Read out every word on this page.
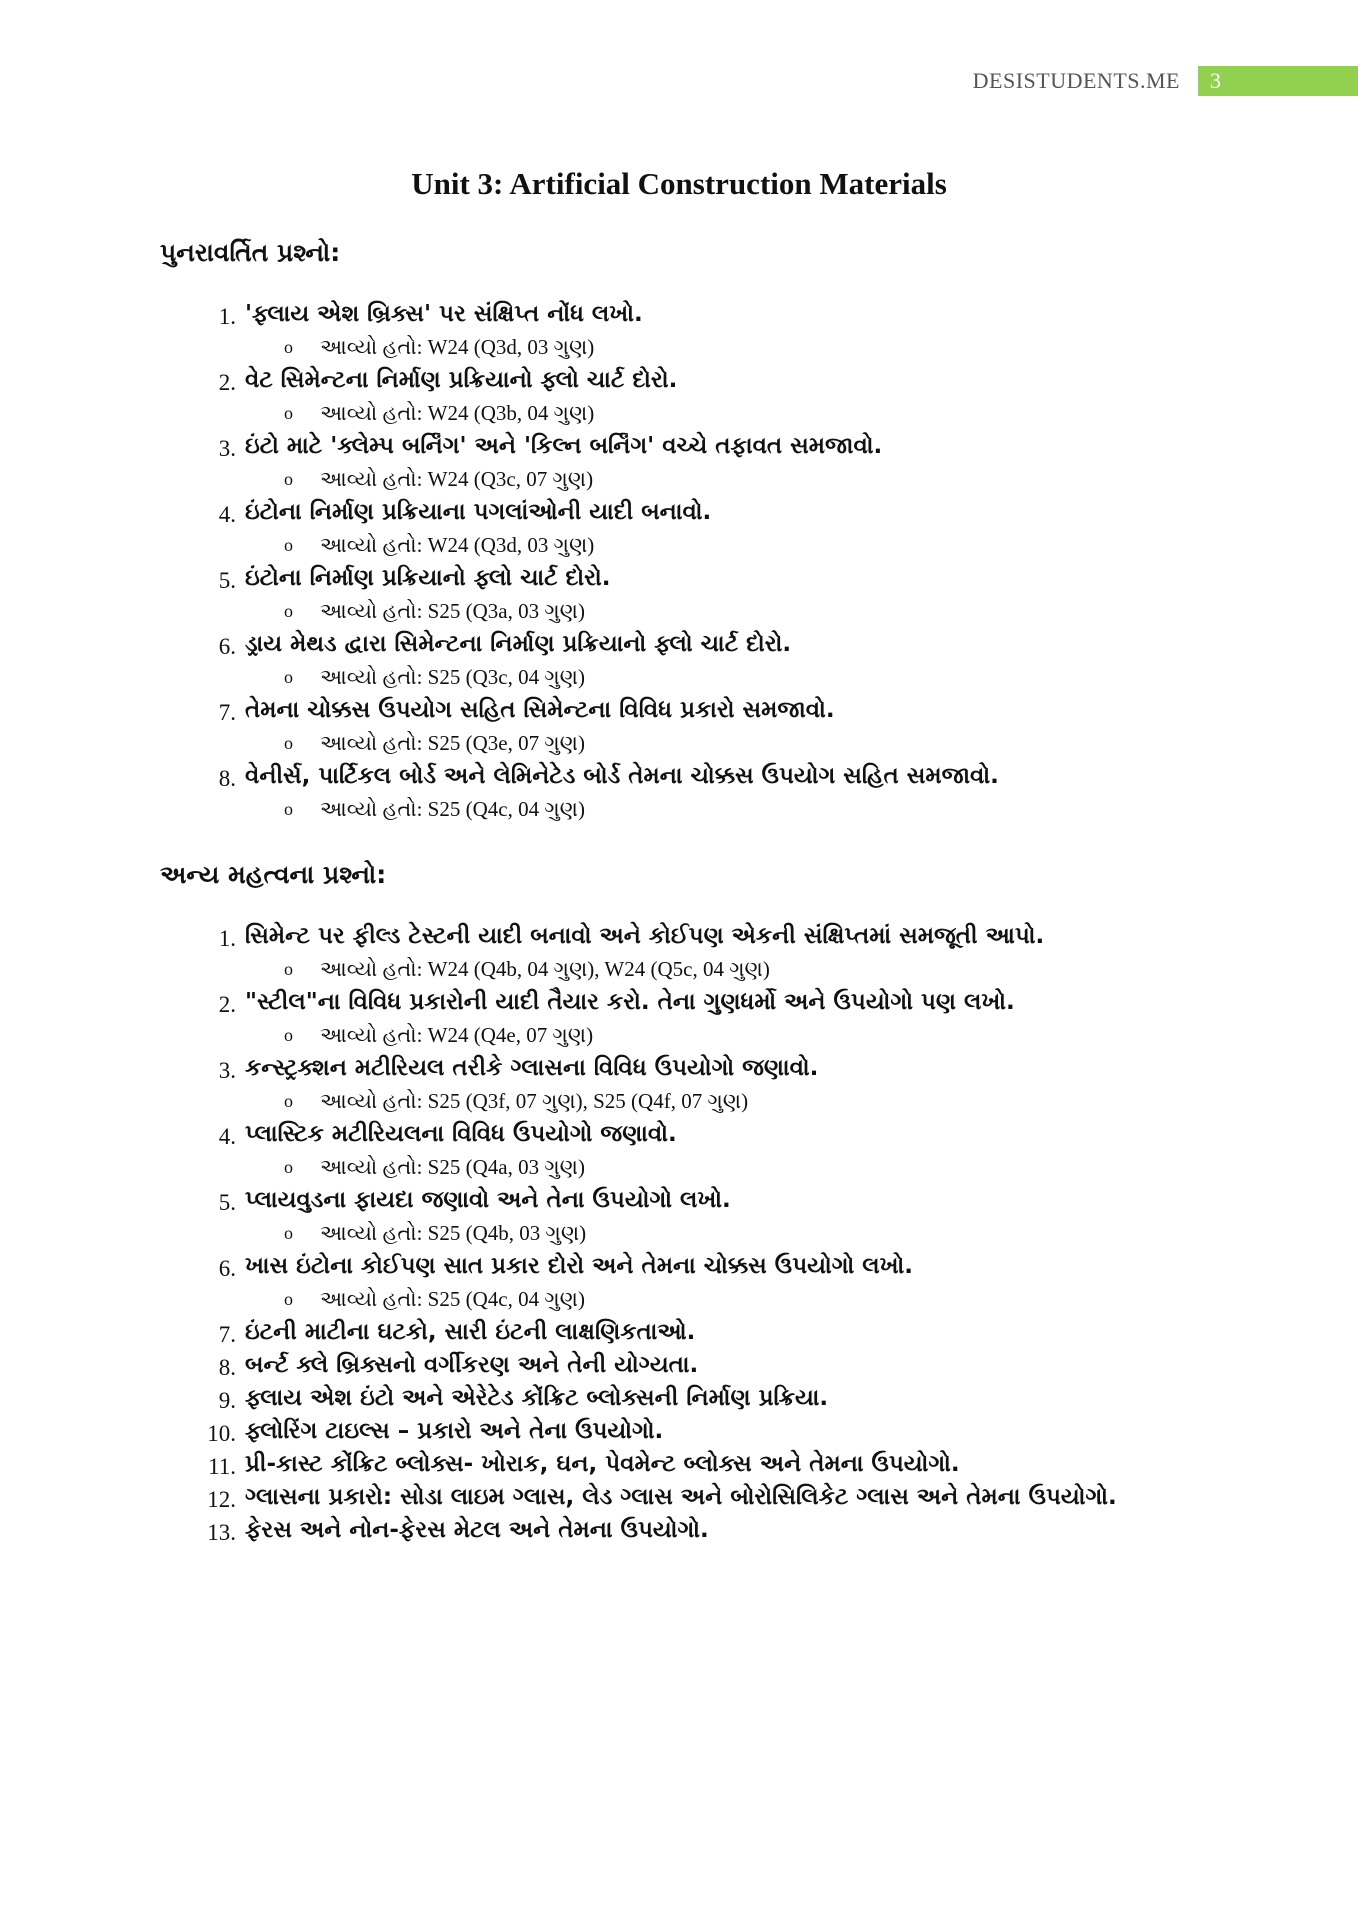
DESISTUDENTS.ME	3
Unit 3: Artificial Construction Materials
પુનરાવર્તિત પ્રશ્નો:
1. 'ફ્લાય એશ બ્રિક્સ' પર સંક્ષિપ્ત નોંધ લખો.
o આવ્યો હતો: W24 (Q3d, 03 ગુણ)
2. વેટ સિમેન્ટના નિર્માણ પ્રક્રિયાનો ફ્લો ચાર્ટ દોરો.
o આવ્યો હતો: W24 (Q3b, 04 ગુણ)
3. ઇંટો માટે 'ક્લેમ્પ બર્નિંગ' અને 'કિલ્ન બર્નિંગ' વચ્ચે તફાવત સમજાવો.
o આવ્યો હતો: W24 (Q3c, 07 ગુણ)
4. ઇંટોના નિર્માણ પ્રક્રિયાના પગલાંઓની યાદી બનાવો.
o આવ્યો હતો: W24 (Q3d, 03 ગુણ)
5. ઇંટોના નિર્માણ પ્રક્રિયાનો ફ્લો ચાર્ટ દોરો.
o આવ્યો હતો: S25 (Q3a, 03 ગુણ)
6. ડ્રાય મેથડ દ્વારા સિમેન્ટના નિર્માણ પ્રક્રિયાનો ફ્લો ચાર્ટ દોરો.
o આવ્યો હતો: S25 (Q3c, 04 ગુણ)
7. તેમના ચોક્કસ ઉપયોગ સહિત સિમેન્ટના વિવિધ પ્રકારો સમજાવો.
o આવ્યો હતો: S25 (Q3e, 07 ગુણ)
8. વેનીર્સ, પાર્ટિકલ બોર્ડ અને લેમિનેટેડ બોર્ડ તેમના ચોક્કસ ઉપયોગ સહિત સમજાવો.
o આવ્યો હતો: S25 (Q4c, 04 ગુણ)
અન્ય મહત્વના પ્રશ્નો:
1. સિમેન્ટ પર ફીલ્ડ ટેસ્ટની યાદી બનાવો અને કોઈપણ એકની સંક્ષિપ્તમાં સમજૂતી આપો.
o આવ્યો હતો: W24 (Q4b, 04 ગુણ), W24 (Q5c, 04 ગુણ)
2. "સ્ટીલ"ના વિવિધ પ્રકારોની યાદી તૈયાર કરો. તેના ગુણધર્મો અને ઉપયોગો પણ લખો.
o આવ્યો હતો: W24 (Q4e, 07 ગુણ)
3. કન્સ્ટ્રક્શન મટીરિયલ તરીકે ગ્લાસના વિવિધ ઉપયોગો જણાવો.
o આવ્યો હતો: S25 (Q3f, 07 ગુણ), S25 (Q4f, 07 ગુણ)
4. પ્લાસ્ટિક મટીરિયલના વિવિધ ઉપયોગો જણાવો.
o આવ્યો હતો: S25 (Q4a, 03 ગુણ)
5. પ્લાયવુડના ફાયદા જણાવો અને તેના ઉપયોગો લખો.
o આવ્યો હતો: S25 (Q4b, 03 ગુણ)
6. ખાસ ઇંટોના કોઈપણ સાત પ્રકાર દોરો અને તેમના ચોક્કસ ઉપયોગો લખો.
o આવ્યો હતો: S25 (Q4c, 04 ગુણ)
7. ઇંટની માટીના ઘટકો, સારી ઇંટની લાક્ષણિકતાઓ.
8. બર્ન્ટ ક્લે બ્રિક્સનો વર્ગીકરણ અને તેની યોગ્યતા.
9. ફ્લાય એશ ઇંટો અને એરેટેડ કોંક્રિટ બ્લોક્સની નિર્માણ પ્રક્રિયા.
10. ફ્લોરિંગ ટાઇલ્સ – પ્રકારો અને તેના ઉપયોગો.
11. પ્રી-કાસ્ટ કોંક્રિટ બ્લોક્સ- ખોરાક, ઘન, પેવમેન્ટ બ્લોક્સ અને તેમના ઉપયોગો.
12. ગ્લાસના પ્રકારો: સોડા લાઇમ ગ્લાસ, લેડ ગ્લાસ અને બોરોસિલિકેટ ગ્લાસ અને તેમના ઉપયોગો.
13. ફેરસ અને નોન-ફેરસ મેટલ અને તેમના ઉપયોગો.
